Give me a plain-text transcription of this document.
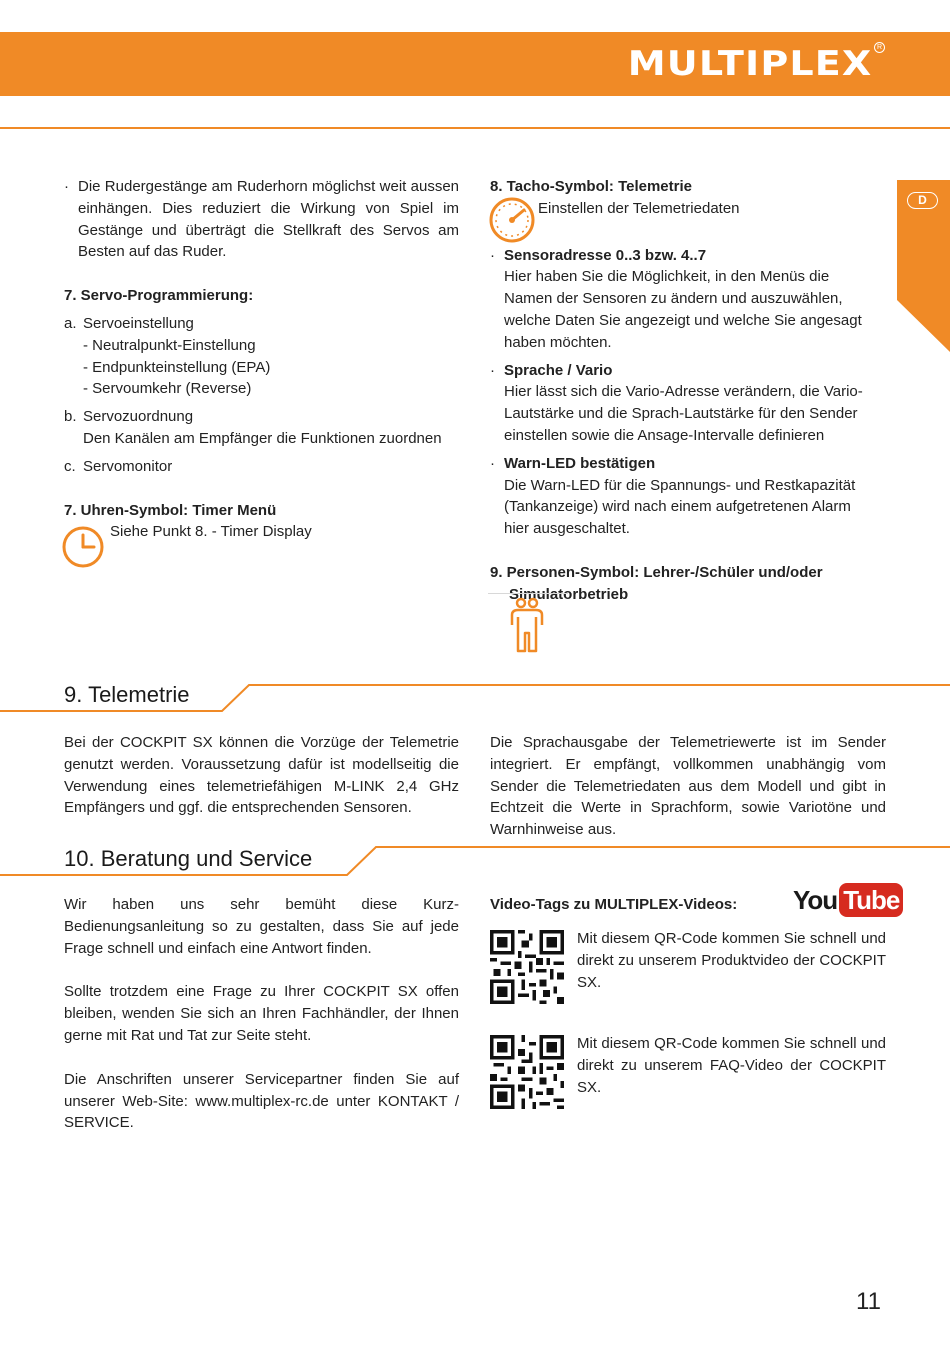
MULTIPLEX R
D

· Die Rudergestänge am Ruderhorn möglichst weit aussen einhängen. Dies reduziert die Wirkung von Spiel im Gestänge und überträgt die Stellkraft des Servos am Besten auf das Ruder.

7. Servo-Programmierung:

a. Servoeinstellung

- Neutralpunkt-Einstellung

- Endpunkteinstellung (EPA)

- Servoumkehr (Reverse)

b. Servozuordnung

Den Kanälen am Empfänger die Funktionen zuordnen

c. Servomonitor

7. Uhren-Symbol: Timer Menü

Siehe Punkt 8. - Timer Display

8. Tacho-Symbol: Telemetrie

Einstellen der Telemetriedaten

· Sensoradresse 0..3 bzw. 4..7

Hier haben Sie die Möglichkeit, in den Menüs die Namen der Sensoren zu ändern und auszuwählen, welche Daten Sie angezeigt und welche Sie angesagt haben möchten.

· Sprache / Vario

Hier lässt sich die Vario-Adresse verändern, die Vario-Lautstärke und die Sprach-Lautstärke für den Sender einstellen sowie die Ansage-Intervalle definieren

· Warn-LED bestätigen

Die Warn-LED für die Spannungs- und Restkapazität (Tankanzeige) wird nach einem aufgetretenen Alarm hier ausgeschaltet.

9. Personen-Symbol: Lehrer-/Schüler und/oder

Simulatorbetrieb

9. Telemetrie

Bei der COCKPIT SX können die Vorzüge der Telemetrie genutzt werden. Voraussetzung dafür ist modellseitig die Verwendung eines telemetriefähigen M-LINK 2,4 GHz Empfängers und ggf. die entsprechenden Sensoren.

Die Sprachausgabe der Telemetriewerte ist im Sender integriert. Er empfängt, vollkommen unabhängig vom Sender die Telemetriedaten aus dem Modell und gibt in Echtzeit die Werte in Sprachform, sowie Variotöne und Warnhinweise aus.

10. Beratung und Service

Wir haben uns sehr bemüht diese Kurz-Bedienungsanleitung so zu gestalten, dass Sie auf jede Frage schnell und einfach eine Antwort finden.

Sollte trotzdem eine Frage zu Ihrer COCKPIT SX offen bleiben, wenden Sie sich an Ihren Fachhändler, der Ihnen gerne mit Rat und Tat zur Seite steht.

Die Anschriften unserer Servicepartner finden Sie auf unserer Web-Site: www.multiplex-rc.de unter KONTAKT / SERVICE.

Video-Tags zu MULTIPLEX-Videos:	You Tube

Mit diesem QR-Code kommen Sie schnell und direkt zu unserem Produktvideo der COCKPIT SX.

Mit diesem QR-Code kommen Sie schnell und direkt zu unserem FAQ-Video der COCKPIT SX.

11
